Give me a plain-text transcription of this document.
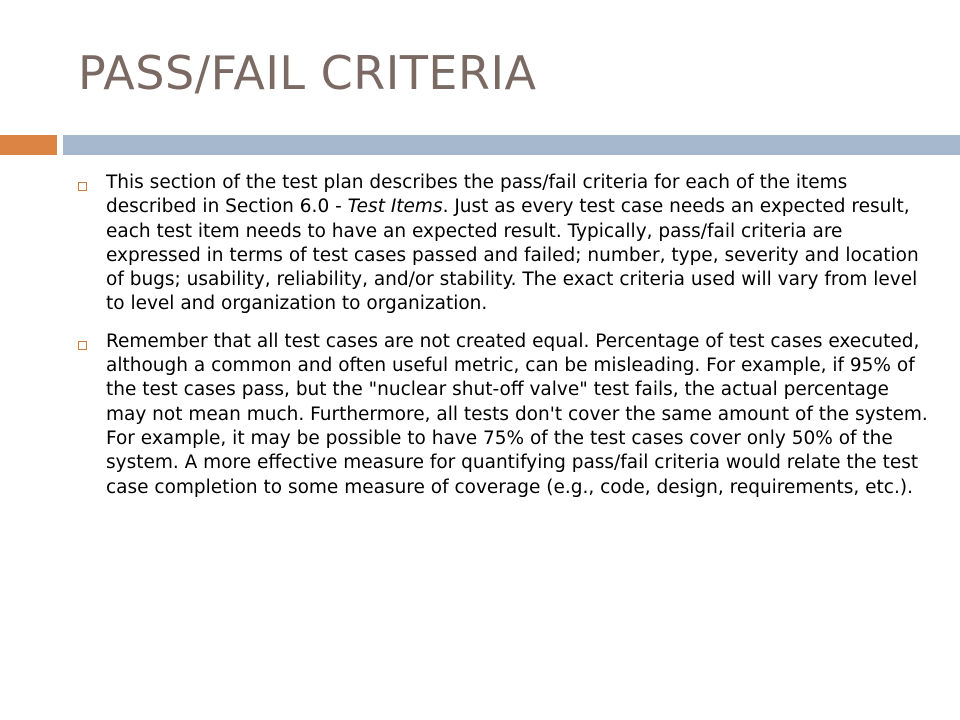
PASS/FAIL CRITERIA

This section of the test plan describes the pass/fail criteria for each of the items described in Section 6.0 - Test Items. Just as every test case needs an expected result, each test item needs to have an expected result. Typically, pass/fail criteria are expressed in terms of test cases passed and failed; number, type, severity and location of bugs; usability, reliability, and/or stability. The exact criteria used will vary from level to level and organization to organization.

Remember that all test cases are not created equal. Percentage of test cases executed, although a common and often useful metric, can be misleading. For example, if 95% of the test cases pass, but the "nuclear shut-off valve" test fails, the actual percentage may not mean much. Furthermore, all tests don't cover the same amount of the system. For example, it may be possible to have 75% of the test cases cover only 50% of the system. A more effective measure for quantifying pass/fail criteria would relate the test case completion to some measure of coverage (e.g., code, design, requirements, etc.).
